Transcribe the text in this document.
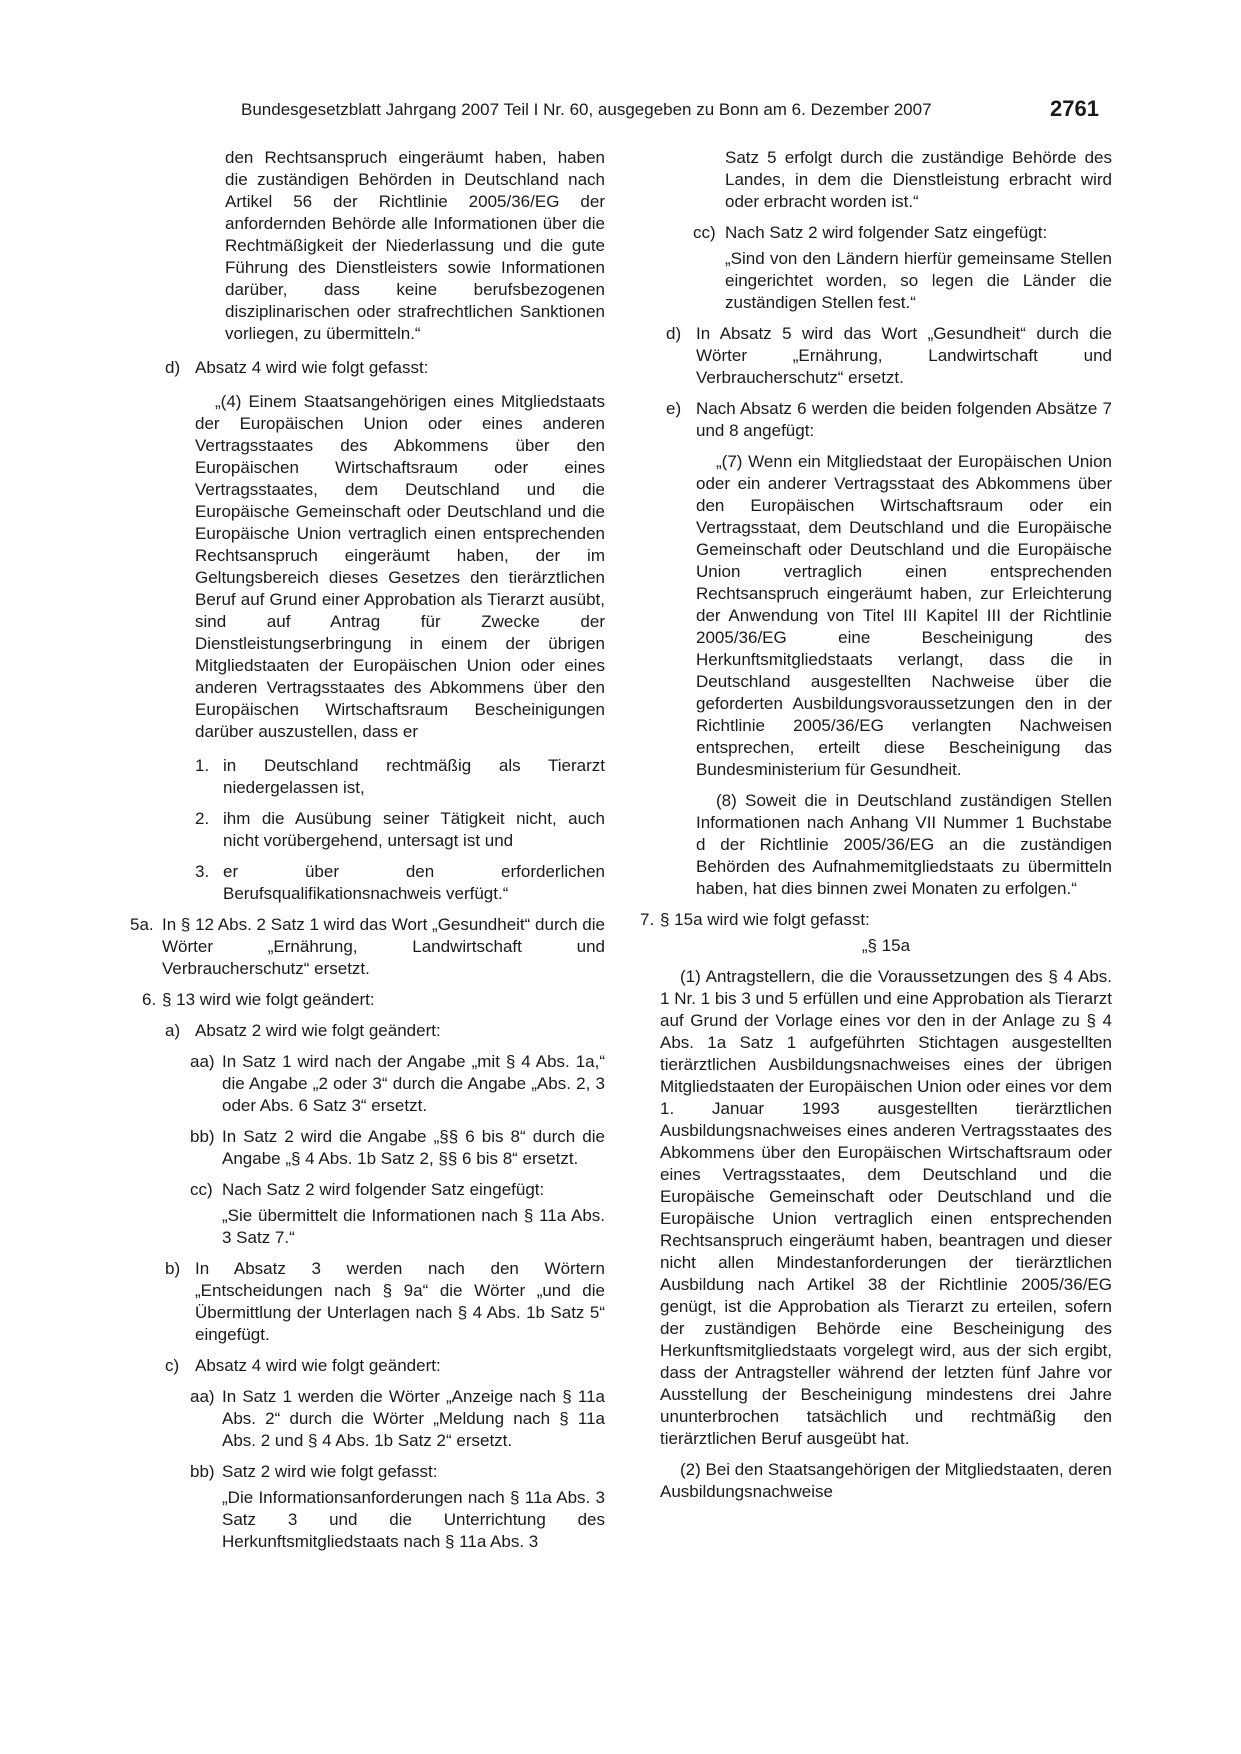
Bundesgesetzblatt Jahrgang 2007 Teil I Nr. 60, ausgegeben zu Bonn am 6. Dezember 2007	2761
den Rechtsanspruch eingeräumt haben, haben die zuständigen Behörden in Deutschland nach Artikel 56 der Richtlinie 2005/36/EG der anfordernden Behörde alle Informationen über die Rechtmäßigkeit der Niederlassung und die gute Führung des Dienstleisters sowie Informationen darüber, dass keine berufsbezogenen disziplinarischen oder strafrechtlichen Sanktionen vorliegen, zu übermitteln.“
d) Absatz 4 wird wie folgt gefasst:
„(4) Einem Staatsangehörigen eines Mitgliedstaats der Europäischen Union oder eines anderen Vertragsstaates des Abkommens über den Europäischen Wirtschaftsraum oder eines Vertragsstaates, dem Deutschland und die Europäische Gemeinschaft oder Deutschland und die Europäische Union vertraglich einen entsprechenden Rechtsanspruch eingeräumt haben, der im Geltungsbereich dieses Gesetzes den tierärztlichen Beruf auf Grund einer Approbation als Tierarzt ausübt, sind auf Antrag für Zwecke der Dienstleistungserbringung in einem der übrigen Mitgliedstaaten der Europäischen Union oder eines anderen Vertragsstaates des Abkommens über den Europäischen Wirtschaftsraum Bescheinigungen darüber auszustellen, dass er
1. in Deutschland rechtmäßig als Tierarzt niedergelassen ist,
2. ihm die Ausübung seiner Tätigkeit nicht, auch nicht vorübergehend, untersagt ist und
3. er über den erforderlichen Berufsqualifikationsnachweis verfügt.“
5a. In § 12 Abs. 2 Satz 1 wird das Wort „Gesundheit“ durch die Wörter „Ernährung, Landwirtschaft und Verbraucherschutz“ ersetzt.
6. § 13 wird wie folgt geändert:
a) Absatz 2 wird wie folgt geändert:
aa) In Satz 1 wird nach der Angabe „mit § 4 Abs. 1a,“ die Angabe „2 oder 3“ durch die Angabe „Abs. 2, 3 oder Abs. 6 Satz 3“ ersetzt.
bb) In Satz 2 wird die Angabe „§§ 6 bis 8“ durch die Angabe „§ 4 Abs. 1b Satz 2, §§ 6 bis 8“ ersetzt.
cc) Nach Satz 2 wird folgender Satz eingefügt:
„Sie übermittelt die Informationen nach § 11a Abs. 3 Satz 7.“
b) In Absatz 3 werden nach den Wörtern „Entscheidungen nach § 9a“ die Wörter „und die Übermittlung der Unterlagen nach § 4 Abs. 1b Satz 5“ eingefügt.
c) Absatz 4 wird wie folgt geändert:
aa) In Satz 1 werden die Wörter „Anzeige nach § 11a Abs. 2“ durch die Wörter „Meldung nach § 11a Abs. 2 und § 4 Abs. 1b Satz 2“ ersetzt.
bb) Satz 2 wird wie folgt gefasst:
„Die Informationsanforderungen nach § 11a Abs. 3 Satz 3 und die Unterrichtung des Herkunftsmitgliedstaats nach § 11a Abs. 3
Satz 5 erfolgt durch die zuständige Behörde des Landes, in dem die Dienstleistung erbracht wird oder erbracht worden ist.“
cc) Nach Satz 2 wird folgender Satz eingefügt:
„Sind von den Ländern hierfür gemeinsame Stellen eingerichtet worden, so legen die Länder die zuständigen Stellen fest.“
d) In Absatz 5 wird das Wort „Gesundheit“ durch die Wörter „Ernährung, Landwirtschaft und Verbraucherschutz“ ersetzt.
e) Nach Absatz 6 werden die beiden folgenden Absätze 7 und 8 angefügt:
„(7) Wenn ein Mitgliedstaat der Europäischen Union oder ein anderer Vertragsstaat des Abkommens über den Europäischen Wirtschaftsraum oder ein Vertragsstaat, dem Deutschland und die Europäische Gemeinschaft oder Deutschland und die Europäische Union vertraglich einen entsprechenden Rechtsanspruch eingeräumt haben, zur Erleichterung der Anwendung von Titel III Kapitel III der Richtlinie 2005/36/EG eine Bescheinigung des Herkunftsmitgliedstaats verlangt, dass die in Deutschland ausgestellten Nachweise über die geforderten Ausbildungsvoraussetzungen den in der Richtlinie 2005/36/EG verlangten Nachweisen entsprechen, erteilt diese Bescheinigung das Bundesministerium für Gesundheit.
(8) Soweit die in Deutschland zuständigen Stellen Informationen nach Anhang VII Nummer 1 Buchstabe d der Richtlinie 2005/36/EG an die zuständigen Behörden des Aufnahmemitgliedstaats zu übermitteln haben, hat dies binnen zwei Monaten zu erfolgen.“
7. § 15a wird wie folgt gefasst:
„§ 15a
(1) Antragstellern, die die Voraussetzungen des § 4 Abs. 1 Nr. 1 bis 3 und 5 erfüllen und eine Approbation als Tierarzt auf Grund der Vorlage eines vor den in der Anlage zu § 4 Abs. 1a Satz 1 aufgeführten Stichtagen ausgestellten tierärztlichen Ausbildungsnachweises eines der übrigen Mitgliedstaaten der Europäischen Union oder eines vor dem 1. Januar 1993 ausgestellten tierärztlichen Ausbildungsnachweises eines anderen Vertragsstaates des Abkommens über den Europäischen Wirtschaftsraum oder eines Vertragsstaates, dem Deutschland und die Europäische Gemeinschaft oder Deutschland und die Europäische Union vertraglich einen entsprechenden Rechtsanspruch eingeräumt haben, beantragen und dieser nicht allen Mindestanforderungen der tierärztlichen Ausbildung nach Artikel 38 der Richtlinie 2005/36/EG genügt, ist die Approbation als Tierarzt zu erteilen, sofern der zuständigen Behörde eine Bescheinigung des Herkunftsmitgliedstaats vorgelegt wird, aus der sich ergibt, dass der Antragsteller während der letzten fünf Jahre vor Ausstellung der Bescheinigung mindestens drei Jahre ununterbrochen tatsächlich und rechtmäßig den tierärztlichen Beruf ausgeübt hat.
(2) Bei den Staatsangehörigen der Mitgliedstaaten, deren Ausbildungsnachweise
